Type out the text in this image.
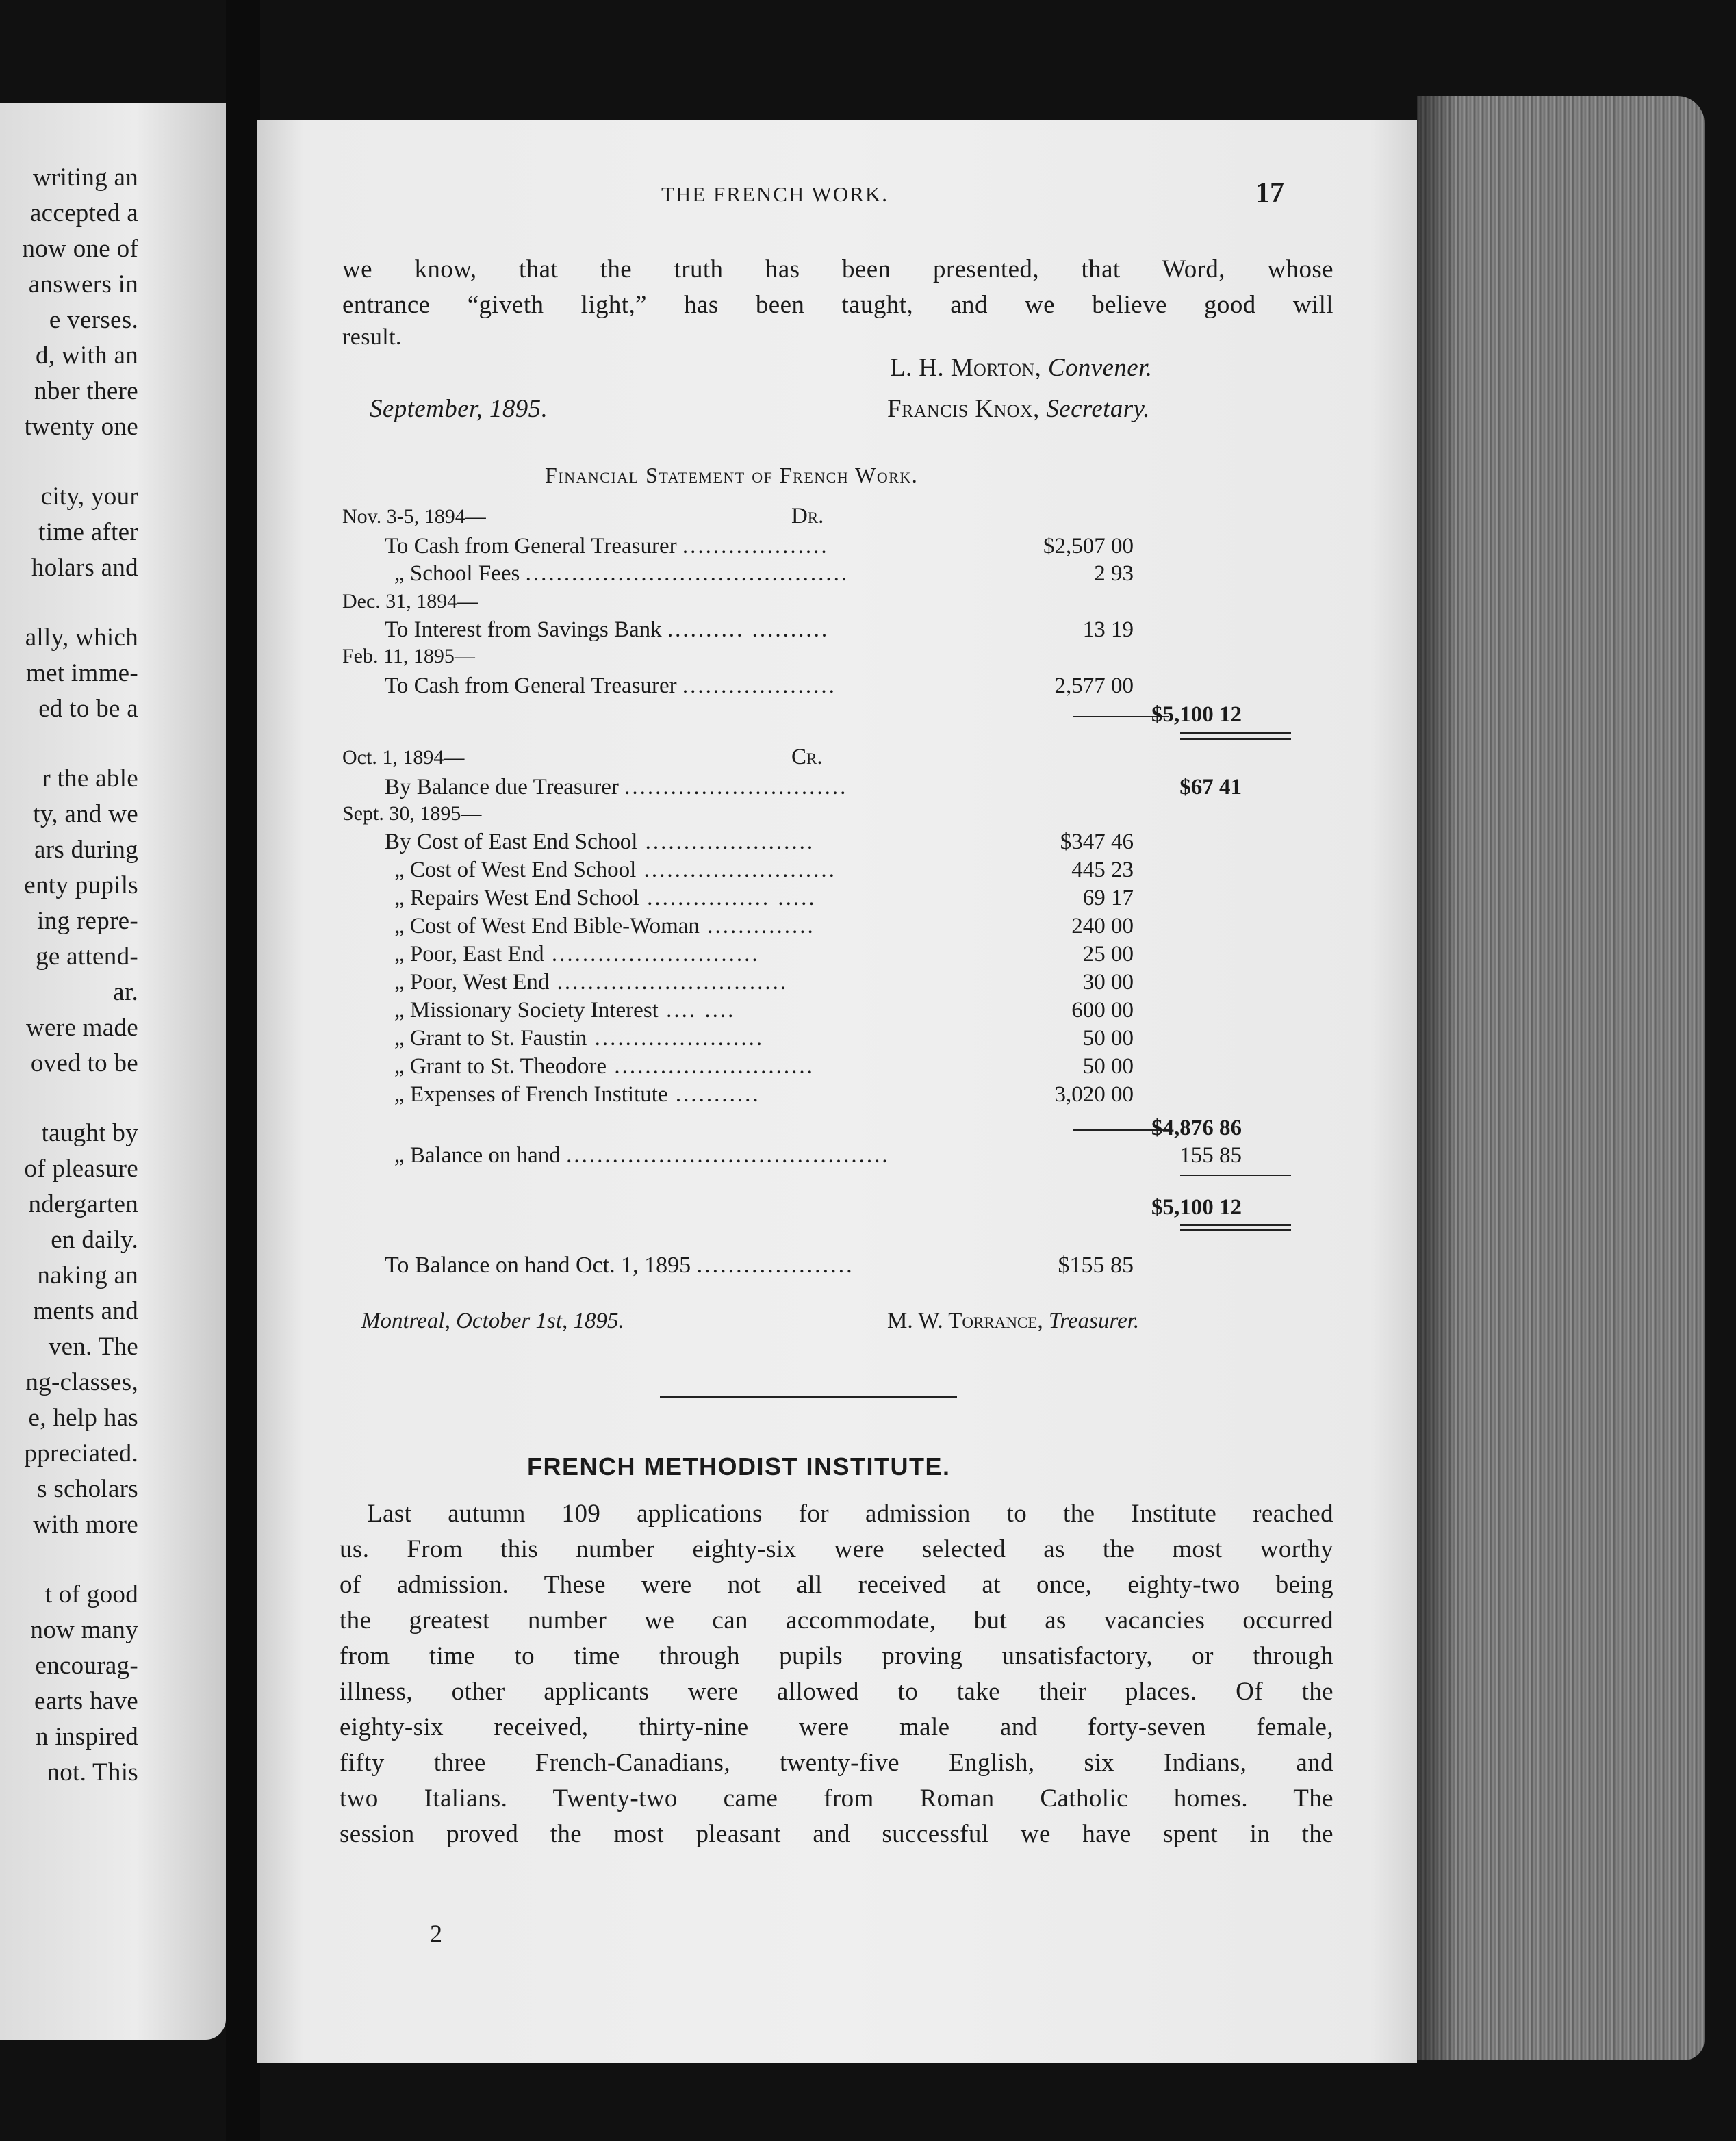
writing an
accepted a
now one of
answers in
e verses.
d, with an
nber there
twenty one
city, your
time after
holars and
ally, which
met imme-
ed to be a
r the able
ty, and we
ars during
enty pupils
ing repre-
ge attend-
ar.
were made
oved to be
taught by
of pleasure
ndergarten
en daily.
naking an
ments and
ven. The
ng-classes,
e, help has
ppreciated.
s scholars
with more
t of good
now many
encourag-
earts have
n inspired
not. This
THE FRENCH WORK.	17
we know, that the truth has been presented, that Word, whose
entrance “giveth light,” has been taught, and we believe good will
result.
L. H. Morton, Convener.
September, 1895.	Francis Knox, Secretary.
Financial Statement of French Work.
Nov. 3-5, 1894—	Dr.
To Cash from General Treasurer ...................	$2,507 00
„ School Fees ..........................................	2 93
Dec. 31, 1894—
To Interest from Savings Bank .......... ..........	13 19
Feb. 11, 1895—
To Cash from General Treasurer ....................	2,577 00
$5,100 12
Oct. 1, 1894—	Cr.
By Balance due Treasurer .............................	$67 41
Sept. 30, 1895—
By Cost of East End School ......................	$347 46
„ Cost of West End School .........................	445 23
„ Repairs West End School ................ .....	69 17
„ Cost of West End Bible-Woman ..............	240 00
„ Poor, East End ...........................	25 00
„ Poor, West End ..............................	30 00
„ Missionary Society Interest .... ....	600 00
„ Grant to St. Faustin ......................	50 00
„ Grant to St. Theodore ..........................	50 00
„ Expenses of French Institute ...........	3,020 00
$4,876 86
„ Balance on hand ..........................................	155 85
$5,100 12
To Balance on hand Oct. 1, 1895 ....................	$155 85
Montreal, October 1st, 1895.	M. W. Torrance, Treasurer.
FRENCH METHODIST INSTITUTE.
Last autumn 109 applications for admission to the Institute reached
us. From this number eighty-six were selected as the most worthy
of admission. These were not all received at once, eighty-two being
the greatest number we can accommodate, but as vacancies occurred
from time to time through pupils proving unsatisfactory, or through
illness, other applicants were allowed to take their places. Of the
eighty-six received, thirty-nine were male and forty-seven female,
fifty three French-Canadians, twenty-five English, six Indians, and
two Italians. Twenty-two came from Roman Catholic homes. The
session proved the most pleasant and successful we have spent in the
2
